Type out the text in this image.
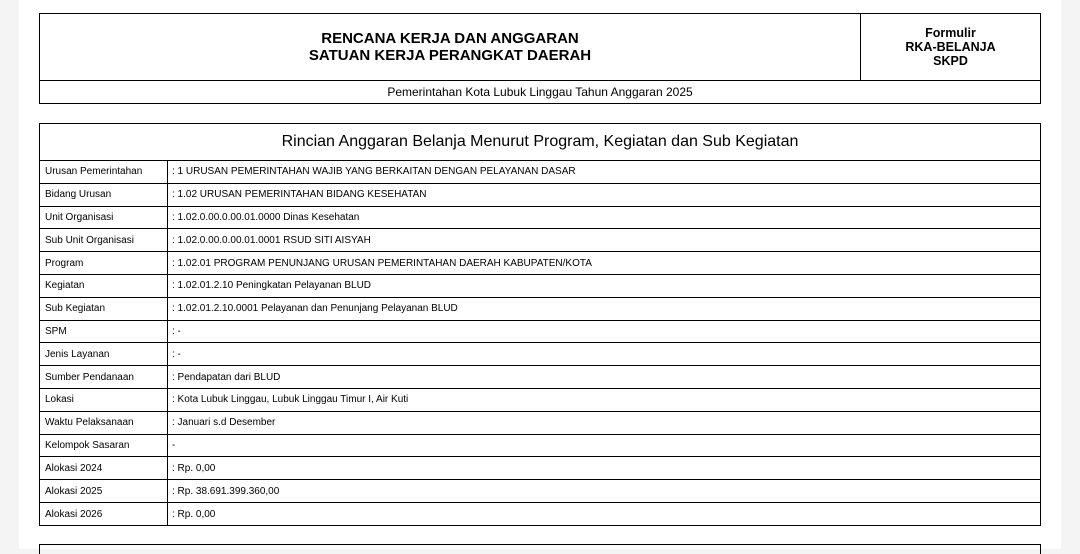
RENCANA KERJA DAN ANGGARAN
SATUAN KERJA PERANGKAT DAERAH
Formulir
RKA-BELANJA
SKPD
Pemerintahan Kota Lubuk Linggau Tahun Anggaran 2025
Rincian Anggaran Belanja Menurut Program, Kegiatan dan Sub Kegiatan
Urusan Pemerintahan	: 1 URUSAN PEMERINTAHAN WAJIB YANG BERKAITAN DENGAN PELAYANAN DASAR
Bidang Urusan	: 1.02 URUSAN PEMERINTAHAN BIDANG KESEHATAN
Unit Organisasi	: 1.02.0.00.0.00.01.0000 Dinas Kesehatan
Sub Unit Organisasi	: 1.02.0.00.0.00.01.0001 RSUD SITI AISYAH
Program	: 1.02.01 PROGRAM PENUNJANG URUSAN PEMERINTAHAN DAERAH KABUPATEN/KOTA
Kegiatan	: 1.02.01.2.10 Peningkatan Pelayanan BLUD
Sub Kegiatan	: 1.02.01.2.10.0001 Pelayanan dan Penunjang Pelayanan BLUD
SPM	: -
Jenis Layanan	: -
Sumber Pendanaan	: Pendapatan dari BLUD
Lokasi	: Kota Lubuk Linggau, Lubuk Linggau Timur I, Air Kuti
Waktu Pelaksanaan	: Januari s.d Desember
Kelompok Sasaran	-
Alokasi 2024	: Rp. 0,00
Alokasi 2025	: Rp. 38.691.399.360,00
Alokasi 2026	: Rp. 0,00
